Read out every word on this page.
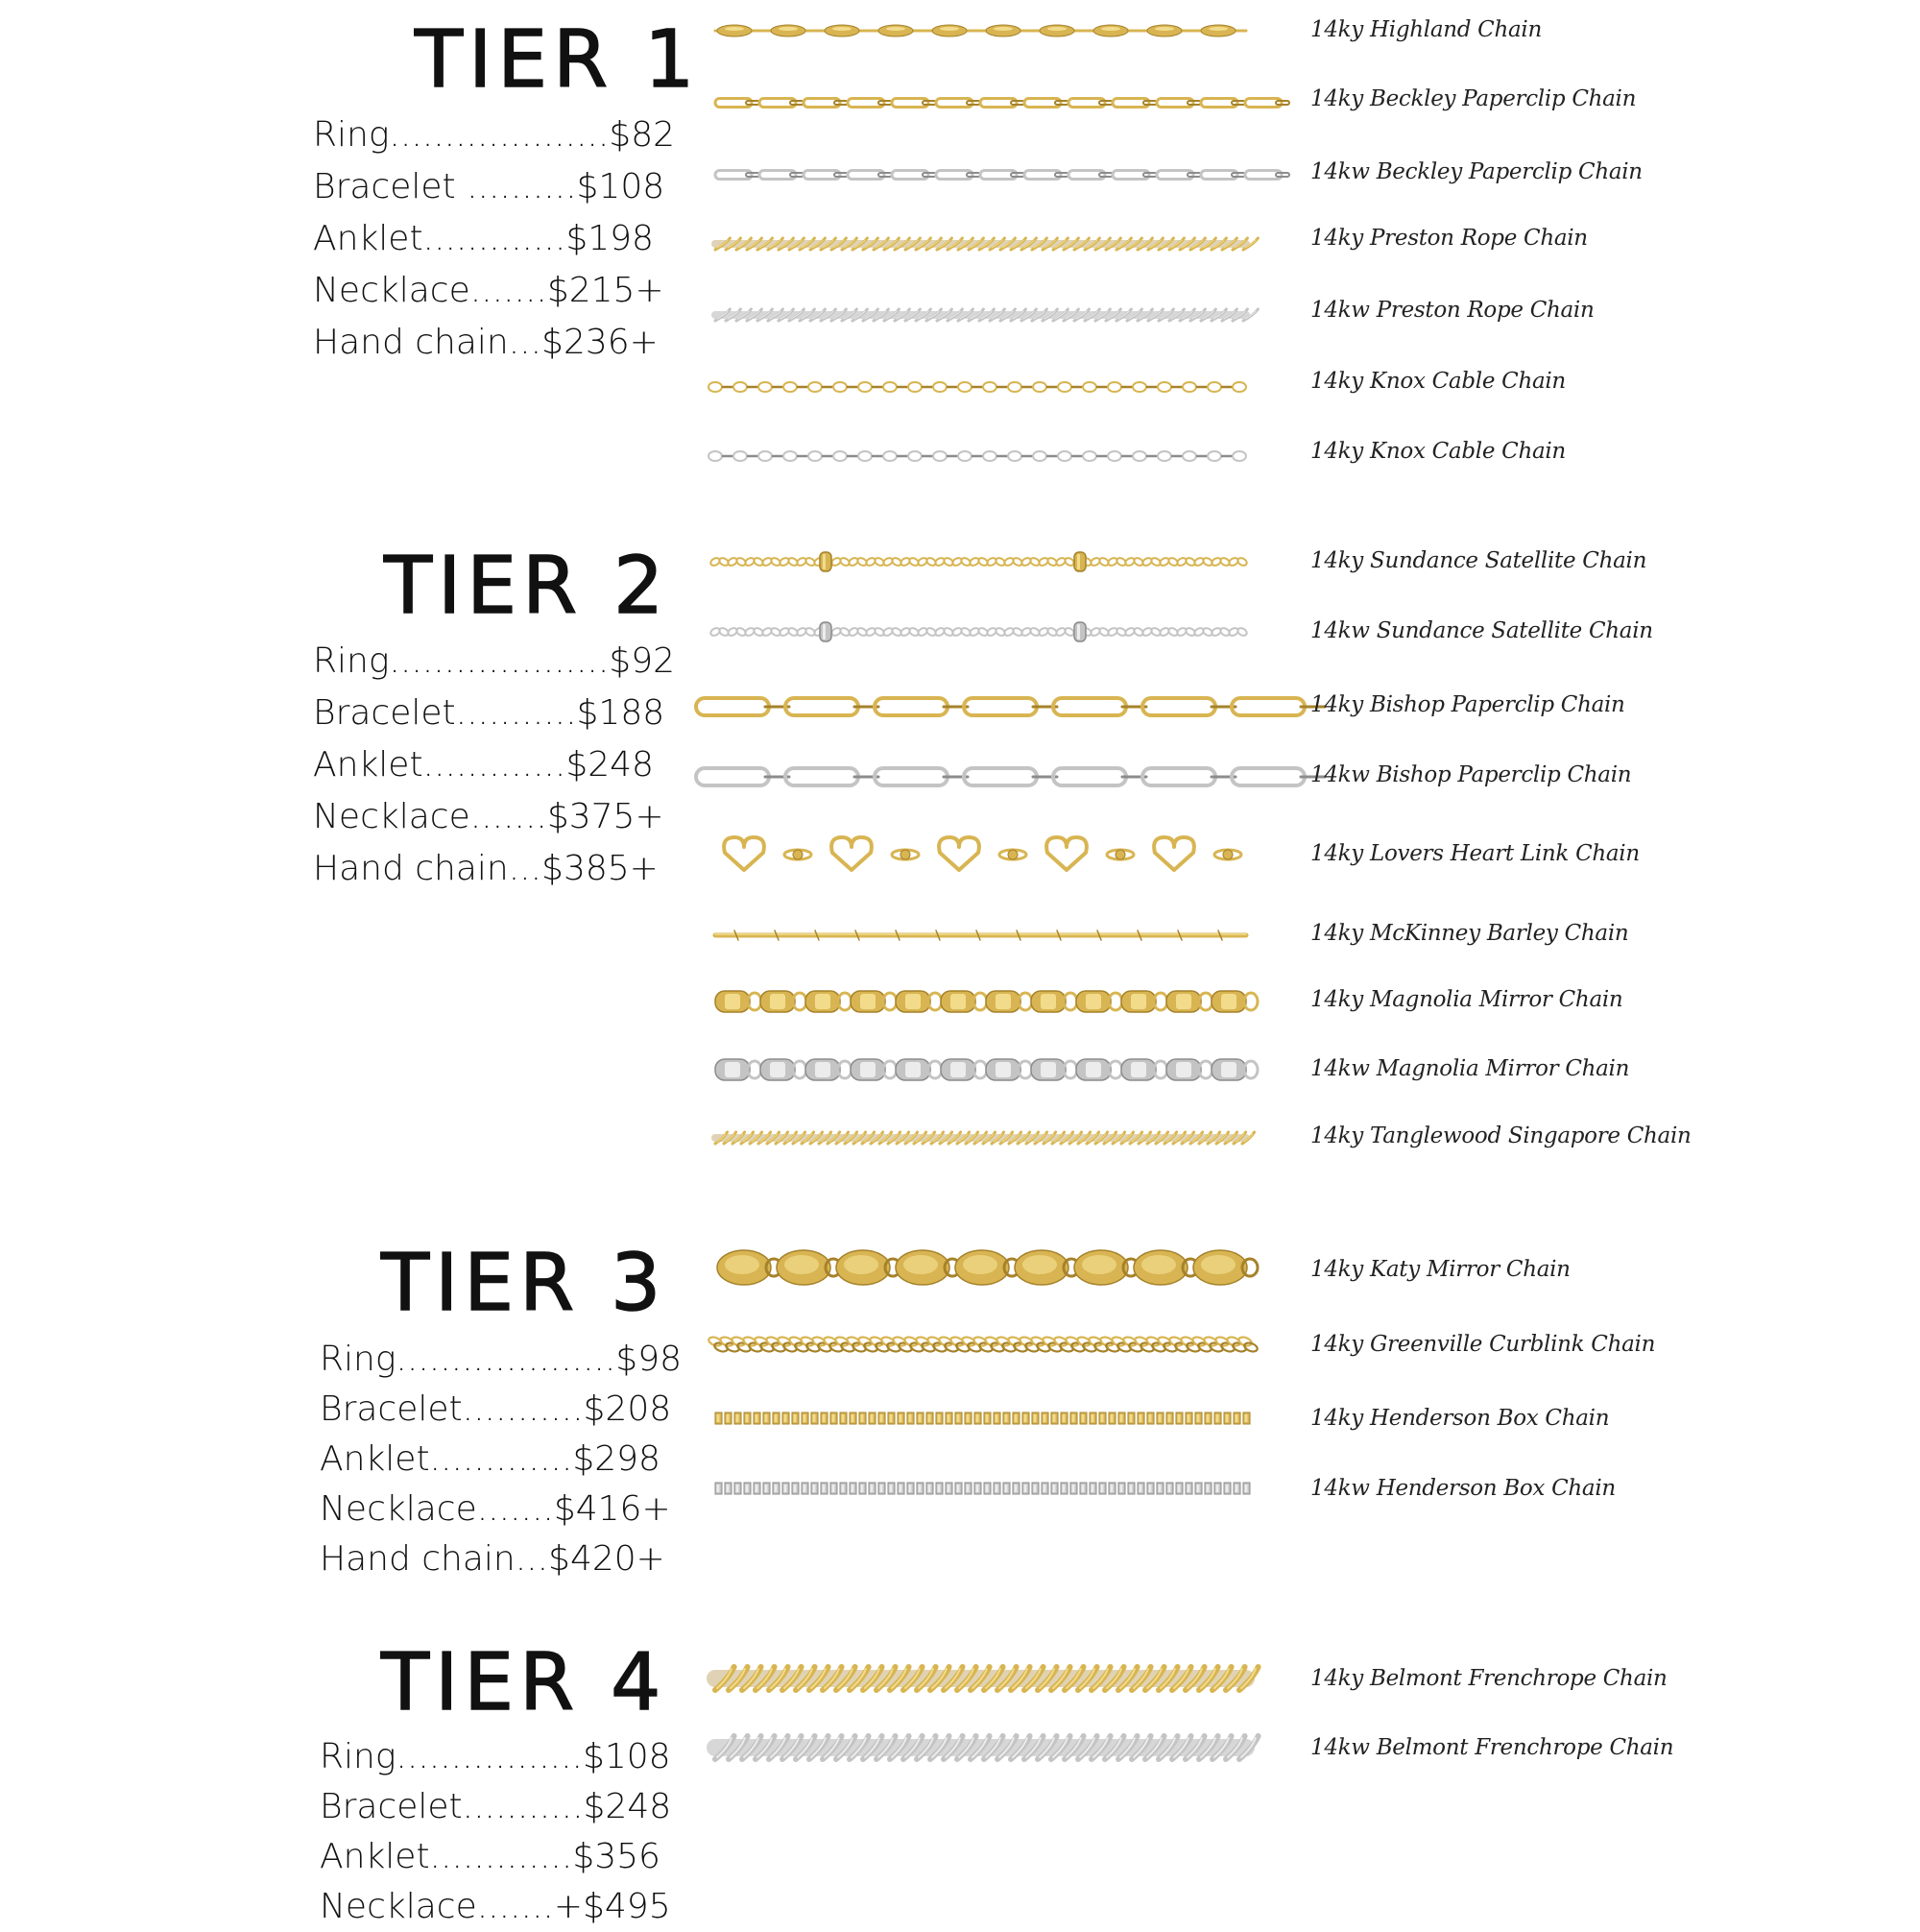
TIER 1
Ring....................$82
Bracelet ..........$108
Anklet.............$198
Necklace.......$215+
Hand chain...$236+
14ky Highland Chain
14ky Beckley Paperclip Chain
14kw Beckley Paperclip Chain
14ky Preston Rope Chain
14kw Preston Rope Chain
14ky Knox Cable Chain
14ky Knox Cable Chain
TIER 2
Ring....................$92
Bracelet...........$188
Anklet.............$248
Necklace.......$375+
Hand chain...$385+
14ky Sundance Satellite Chain
14kw Sundance Satellite Chain
14ky Bishop Paperclip Chain
14kw Bishop Paperclip Chain
14ky Lovers Heart Link Chain
14ky McKinney Barley Chain
14ky Magnolia Mirror Chain
14kw Magnolia Mirror Chain
14ky Tanglewood Singapore Chain
TIER 3
Ring....................$98
Bracelet...........$208
Anklet.............$298
Necklace.......$416+
Hand chain...$420+
14ky Katy Mirror Chain
14ky Greenville Curblink Chain
14ky Henderson Box Chain
14kw Henderson Box Chain
TIER 4
Ring.................$108
Bracelet...........$248
Anklet.............$356
Necklace.......+$495
14ky Belmont Frenchrope Chain
14kw Belmont Frenchrope Chain
